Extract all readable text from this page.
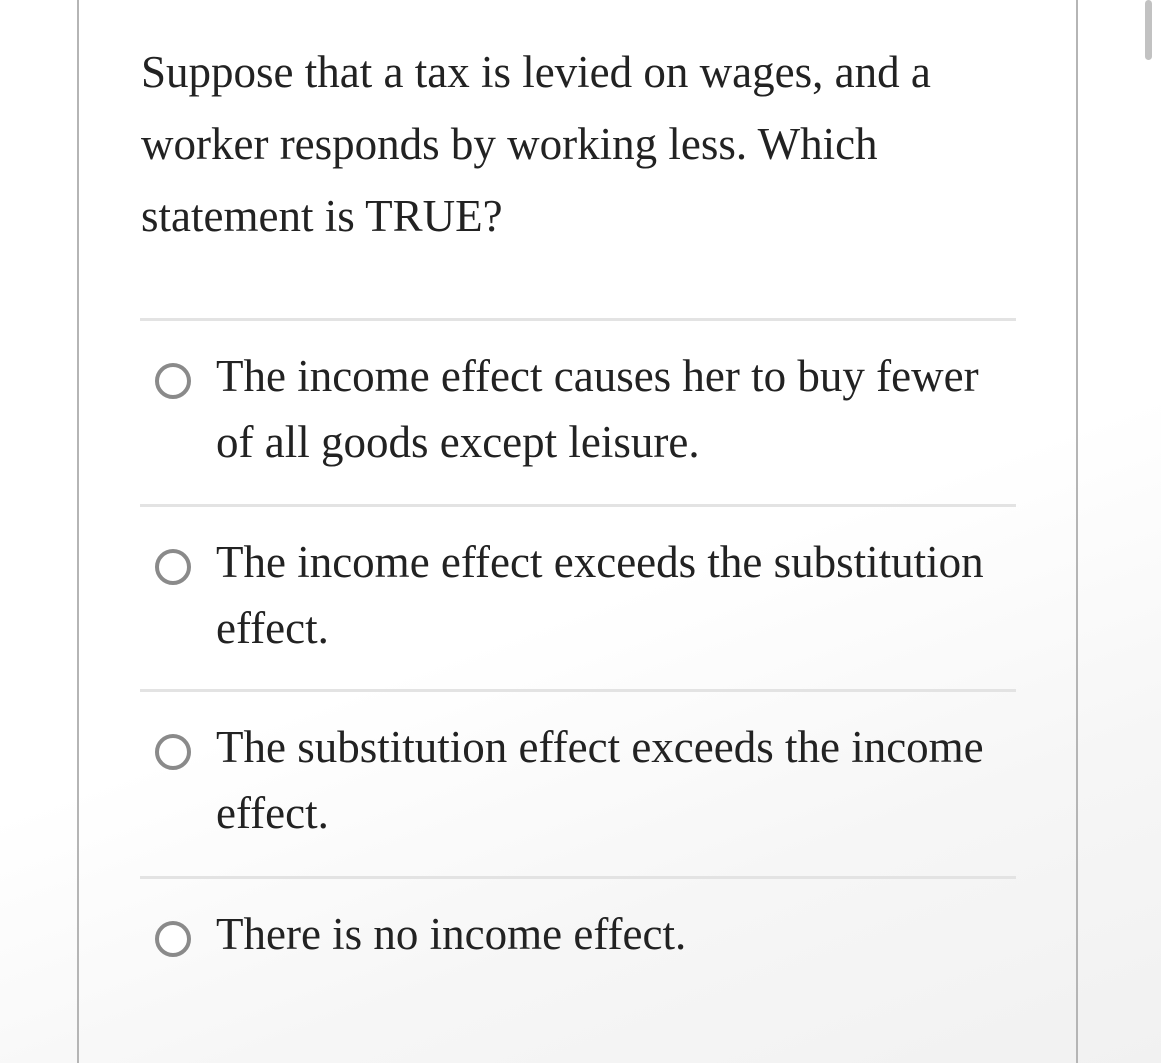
Suppose that a tax is levied on wages, and a worker responds by working less. Which statement is TRUE?
The income effect causes her to buy fewer of all goods except leisure.
The income effect exceeds the substitution effect.
The substitution effect exceeds the income effect.
There is no income effect.
